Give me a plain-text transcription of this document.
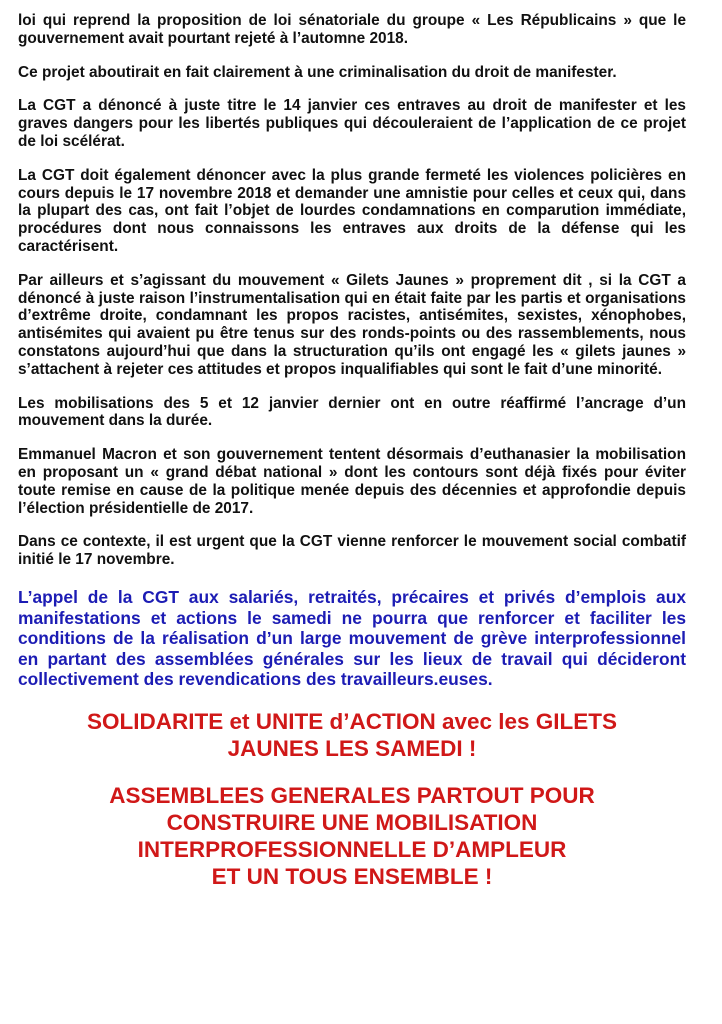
loi qui reprend la proposition de loi sénatoriale du groupe « Les Républicains » que le gouvernement avait pourtant rejeté à l’automne 2018.

Ce projet aboutirait en fait clairement à une criminalisation du droit de manifester.

La CGT a dénoncé à juste titre le 14 janvier ces entraves au droit de manifester et les graves dangers pour les libertés publiques qui découleraient de l’application de ce projet de loi scélérat.

La CGT doit également dénoncer avec la plus grande fermeté les violences policières en cours depuis le 17 novembre 2018 et demander une amnistie pour celles et ceux qui, dans la plupart des cas, ont fait l’objet de lourdes condamnations en comparution immédiate, procédures dont nous connaissons les entraves aux droits de la défense qui les caractérisent.

Par ailleurs et s’agissant du mouvement « Gilets Jaunes » proprement dit , si la CGT a dénoncé à juste raison l’instrumentalisation qui en était faite par les partis et organisations d’extrême droite, condamnant les propos racistes, antisémites, sexistes, xénophobes, antisémites qui avaient pu être tenus sur des ronds-points ou des rassemblements, nous constatons aujourd’hui que dans la structuration qu’ils ont engagé les « gilets jaunes » s’attachent à rejeter ces attitudes et propos inqualifiables qui sont le fait d’une minorité.

Les mobilisations des 5 et 12 janvier dernier ont en outre réaffirmé l’ancrage d’un mouvement dans la durée.

Emmanuel Macron et son gouvernement tentent désormais d’euthanasier la mobilisation en proposant un « grand débat national » dont les contours sont déjà fixés pour éviter toute remise en cause de la politique menée depuis des décennies et approfondie depuis l’élection présidentielle de 2017.

Dans ce contexte, il est urgent que la CGT vienne renforcer le mouvement social combatif initié le 17 novembre.

L’appel de la CGT aux salariés, retraités, précaires et privés d’emplois aux manifestations et actions le samedi ne pourra que renforcer et faciliter les conditions de la réalisation d’un large mouvement de grève interprofessionnel en partant des assemblées générales sur les lieux de travail qui décideront collectivement des revendications des travailleurs.euses.

SOLIDARITE et UNITE d’ACTION avec les GILETS
JAUNES LES SAMEDI !

ASSEMBLEES GENERALES PARTOUT POUR
CONSTRUIRE UNE MOBILISATION
INTERPROFESSIONNELLE D’AMPLEUR
ET UN TOUS ENSEMBLE !
